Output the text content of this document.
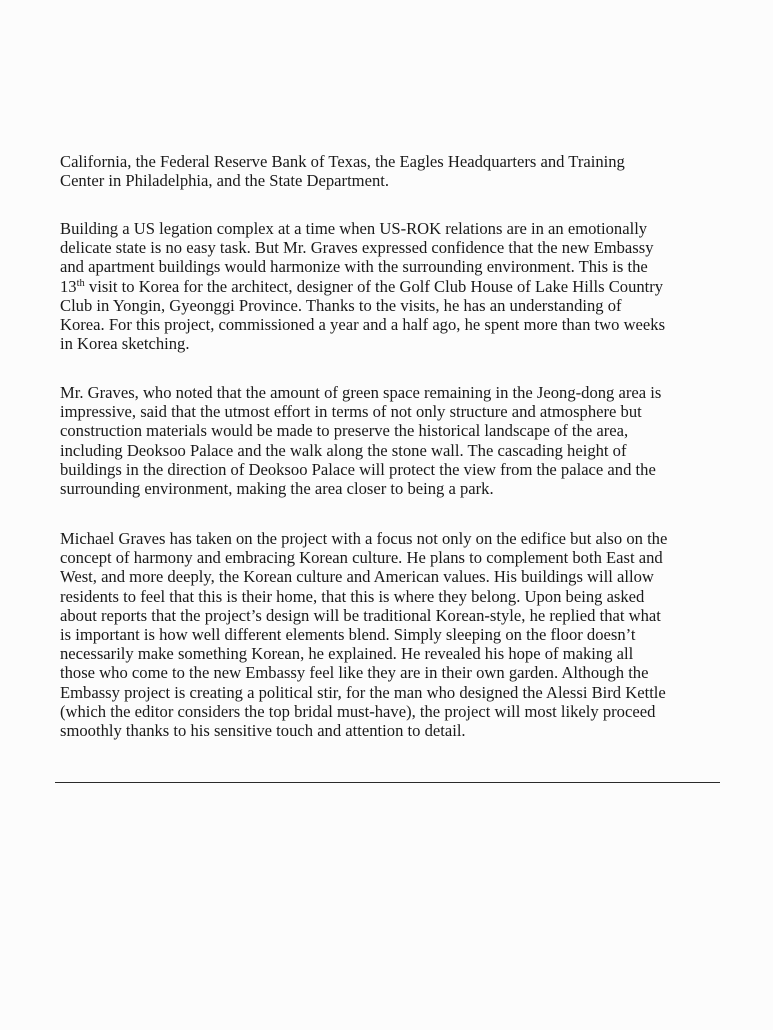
California, the Federal Reserve Bank of Texas, the Eagles Headquarters and Training
Center in Philadelphia, and the State Department.
Building a US legation complex at a time when US-ROK relations are in an emotionally
delicate state is no easy task. But Mr. Graves expressed confidence that the new Embassy
and apartment buildings would harmonize with the surrounding environment. This is the
13th visit to Korea for the architect, designer of the Golf Club House of Lake Hills Country
Club in Yongin, Gyeonggi Province. Thanks to the visits, he has an understanding of
Korea. For this project, commissioned a year and a half ago, he spent more than two weeks
in Korea sketching.
Mr. Graves, who noted that the amount of green space remaining in the Jeong-dong area is
impressive, said that the utmost effort in terms of not only structure and atmosphere but
construction materials would be made to preserve the historical landscape of the area,
including Deoksoo Palace and the walk along the stone wall. The cascading height of
buildings in the direction of Deoksoo Palace will protect the view from the palace and the
surrounding environment, making the area closer to being a park.
Michael Graves has taken on the project with a focus not only on the edifice but also on the
concept of harmony and embracing Korean culture. He plans to complement both East and
West, and more deeply, the Korean culture and American values. His buildings will allow
residents to feel that this is their home, that this is where they belong. Upon being asked
about reports that the project’s design will be traditional Korean-style, he replied that what
is important is how well different elements blend. Simply sleeping on the floor doesn’t
necessarily make something Korean, he explained. He revealed his hope of making all
those who come to the new Embassy feel like they are in their own garden. Although the
Embassy project is creating a political stir, for the man who designed the Alessi Bird Kettle
(which the editor considers the top bridal must-have), the project will most likely proceed
smoothly thanks to his sensitive touch and attention to detail.
